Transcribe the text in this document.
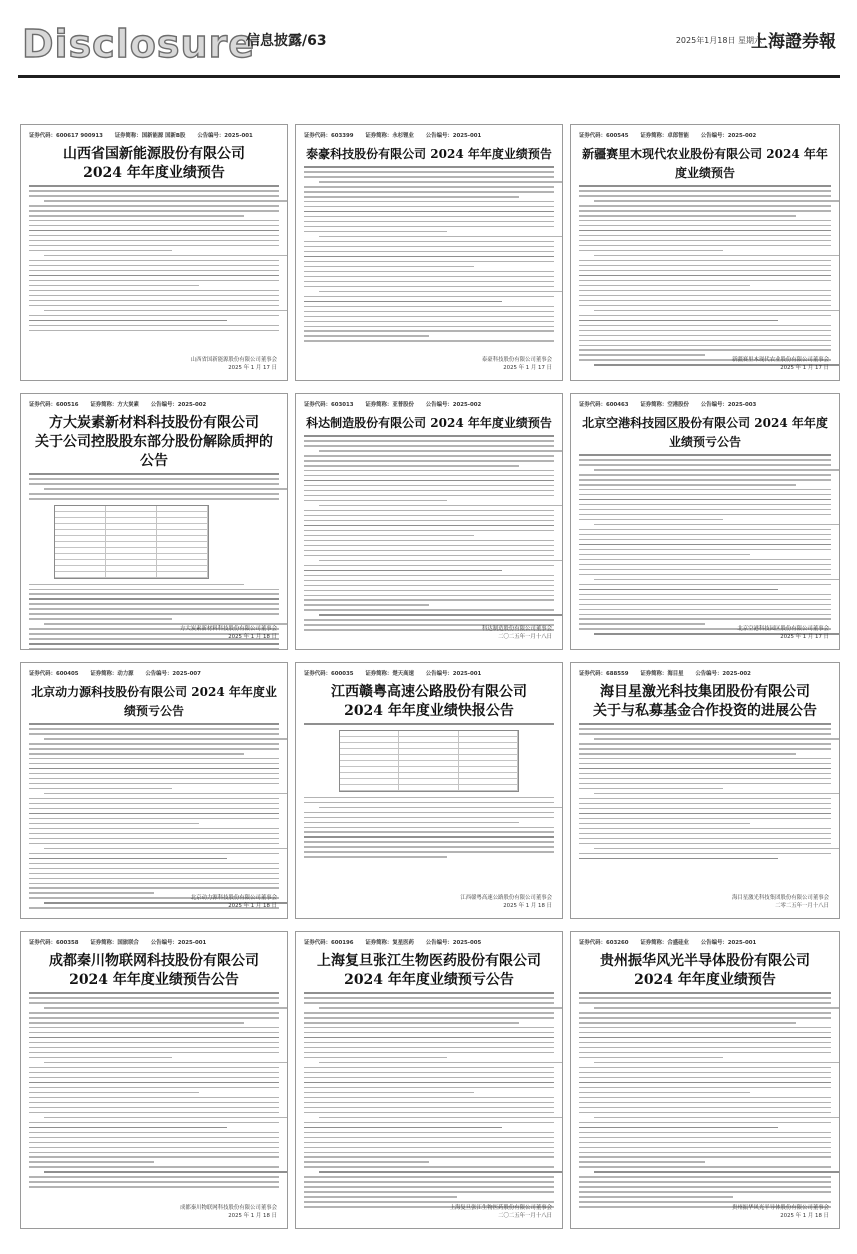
Disclosure
信息披露/63	2025年1月18日 星期六
上海證券報
证券代码：600617 900913 证券简称：国新能源 国新B股 公告编号：2025-001
山西省国新能源股份有限公司
2024 年年度业绩预告
山西省国新能源股份有限公司董事会
2025 年 1 月 17 日
证券代码：603399 证券简称：永杉锂业 公告编号：2025-001
泰豪科技股份有限公司 2024 年年度业绩预告
泰豪科技股份有限公司董事会
2025 年 1 月 17 日
证券代码：600545 证券简称：卓郎智能 公告编号：2025-002
新疆赛里木现代农业股份有限公司 2024 年年度业绩预告
新疆赛里木现代农业股份有限公司董事会
2025 年 1 月 17 日
证券代码：600516 证券简称：方大炭素 公告编号：2025-002
方大炭素新材料科技股份有限公司
关于公司控股股东部分股份解除质押的公告
方大炭素新材料科技股份有限公司董事会
2025 年 1 月 18 日
证券代码：603013 证券简称：亚普股份 公告编号：2025-002
科达制造股份有限公司 2024 年年度业绩预告
科达制造股份有限公司董事会
二〇二五年一月十八日
证券代码：600463 证券简称：空港股份 公告编号：2025-003
北京空港科技园区股份有限公司 2024 年年度业绩预亏公告
北京空港科技园区股份有限公司董事会
2025 年 1 月 17 日
证券代码：600405 证券简称：动力源 公告编号：2025-007
北京动力源科技股份有限公司 2024 年年度业绩预亏公告
北京动力源科技股份有限公司董事会
2025 年 1 月 18 日
证券代码：600035 证券简称：楚天高速 公告编号：2025-001
江西赣粤高速公路股份有限公司
2024 年年度业绩快报公告
江西赣粤高速公路股份有限公司董事会
2025 年 1 月 18 日
证券代码：688559 证券简称：海目星 公告编号：2025-002
海目星激光科技集团股份有限公司
关于与私募基金合作投资的进展公告
海目星激光科技集团股份有限公司董事会
二零二五年一月十八日
证券代码：600358 证券简称：国旅联合 公告编号：2025-001
成都秦川物联网科技股份有限公司
2024 年年度业绩预告公告
成都秦川物联网科技股份有限公司董事会
2025 年 1 月 18 日
证券代码：600196 证券简称：复星医药 公告编号：2025-005
上海复旦张江生物医药股份有限公司
2024 年年度业绩预亏公告
上海复旦张江生物医药股份有限公司董事会
二〇二五年一月十八日
证券代码：603260 证券简称：合盛硅业 公告编号：2025-001
贵州振华风光半导体股份有限公司
2024 年年度业绩预告
贵州振华风光半导体股份有限公司董事会
2025 年 1 月 18 日
